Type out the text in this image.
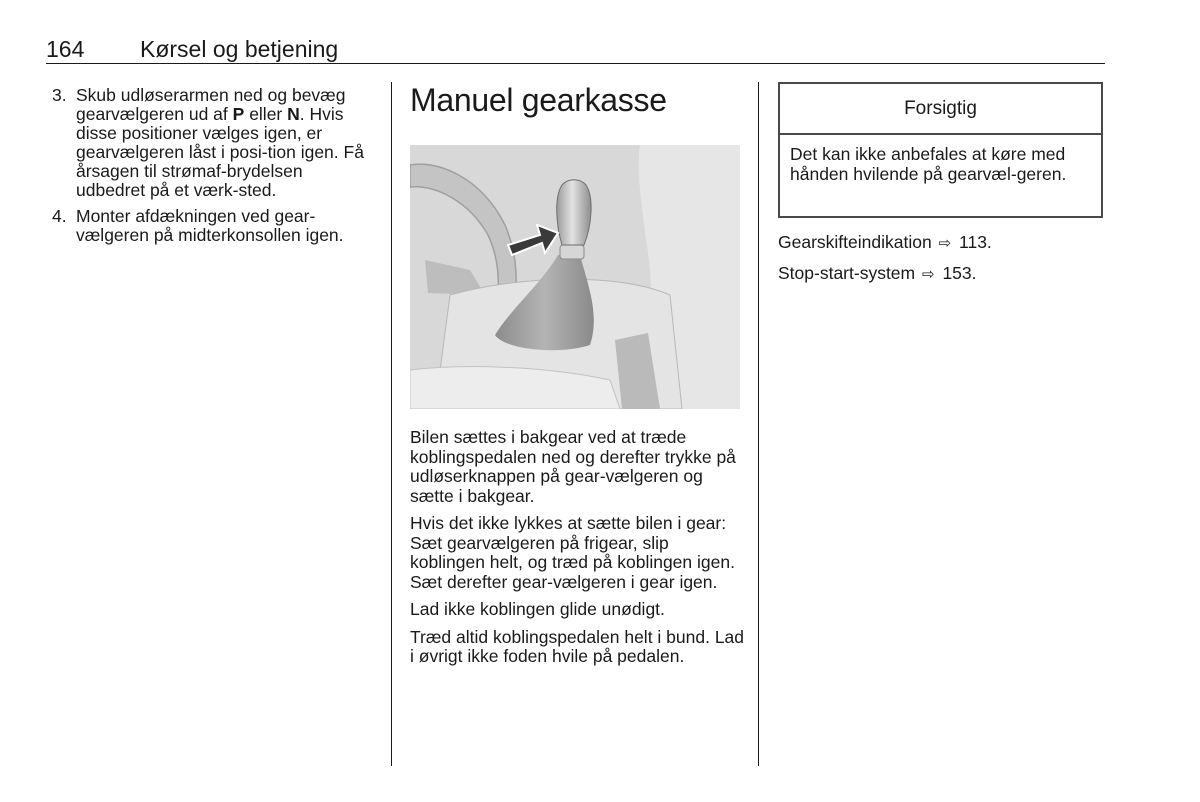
164 Kørsel og betjening
3. Skub udløserarmen ned og bevæg gearvælgeren ud af P eller N. Hvis disse positioner vælges igen, er gearvælgeren låst i posi-tion igen. Få årsagen til strømaf-brydelsen udbedret på et værk-sted.
4. Monter afdækningen ved gear-vælgeren på midterkonsollen igen.
Manuel gearkasse

Bilen sættes i bakgear ved at træde koblingspedalen ned og derefter trykke på udløserknappen på gear-vælgeren og sætte i bakgear.

Hvis det ikke lykkes at sætte bilen i gear: Sæt gearvælgeren på frigear, slip koblingen helt, og træd på koblingen igen. Sæt derefter gear-vælgeren i gear igen.

Lad ikke koblingen glide unødigt.

Træd altid koblingspedalen helt i bund. Lad i øvrigt ikke foden hvile på pedalen.

Forsigtig
Det kan ikke anbefales at køre med hånden hvilende på gearvæl-geren.
Gearskifteindikation ⇨ 113.
Stop-start-system ⇨ 153.
